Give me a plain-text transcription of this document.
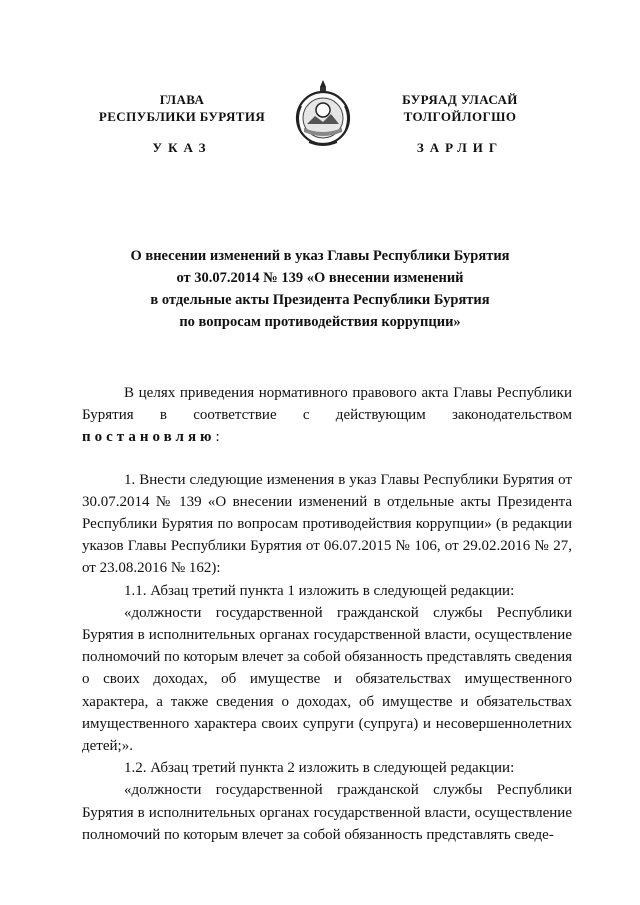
ГЛАВА
РЕСПУБЛИКИ БУРЯТИЯ
БУРЯАД УЛАСАЙ
ТОЛГОЙЛОГШО
УКАЗ	ЗАРЛИГ
О внесении изменений в указ Главы Республики Бурятия
от 30.07.2014 № 139 «О внесении изменений
в отдельные акты Президента Республики Бурятия
по вопросам противодействия коррупции»

В целях приведения нормативного правового акта Главы Республики Бурятия в соответствие с действующим законодательством постановляю:

1. Внести следующие изменения в указ Главы Республики Бурятия от 30.07.2014 № 139 «О внесении изменений в отдельные акты Президента Республики Бурятия по вопросам противодействия коррупции» (в редакции указов Главы Республики Бурятия от 06.07.2015 № 106, от 29.02.2016 № 27, от 23.08.2016 № 162):

1.1. Абзац третий пункта 1 изложить в следующей редакции:

«должности государственной гражданской службы Республики Бурятия в исполнительных органах государственной власти, осуществление полномочий по которым влечет за собой обязанность представлять сведения о своих доходах, об имуществе и обязательствах имущественного характера, а также сведения о доходах, об имуществе и обязательствах имущественного характера своих супруги (супруга) и несовершеннолетних детей;».

1.2. Абзац третий пункта 2 изложить в следующей редакции:

«должности государственной гражданской службы Республики Бурятия в исполнительных органах государственной власти, осуществление полномочий по которым влечет за собой обязанность представлять сведе-
